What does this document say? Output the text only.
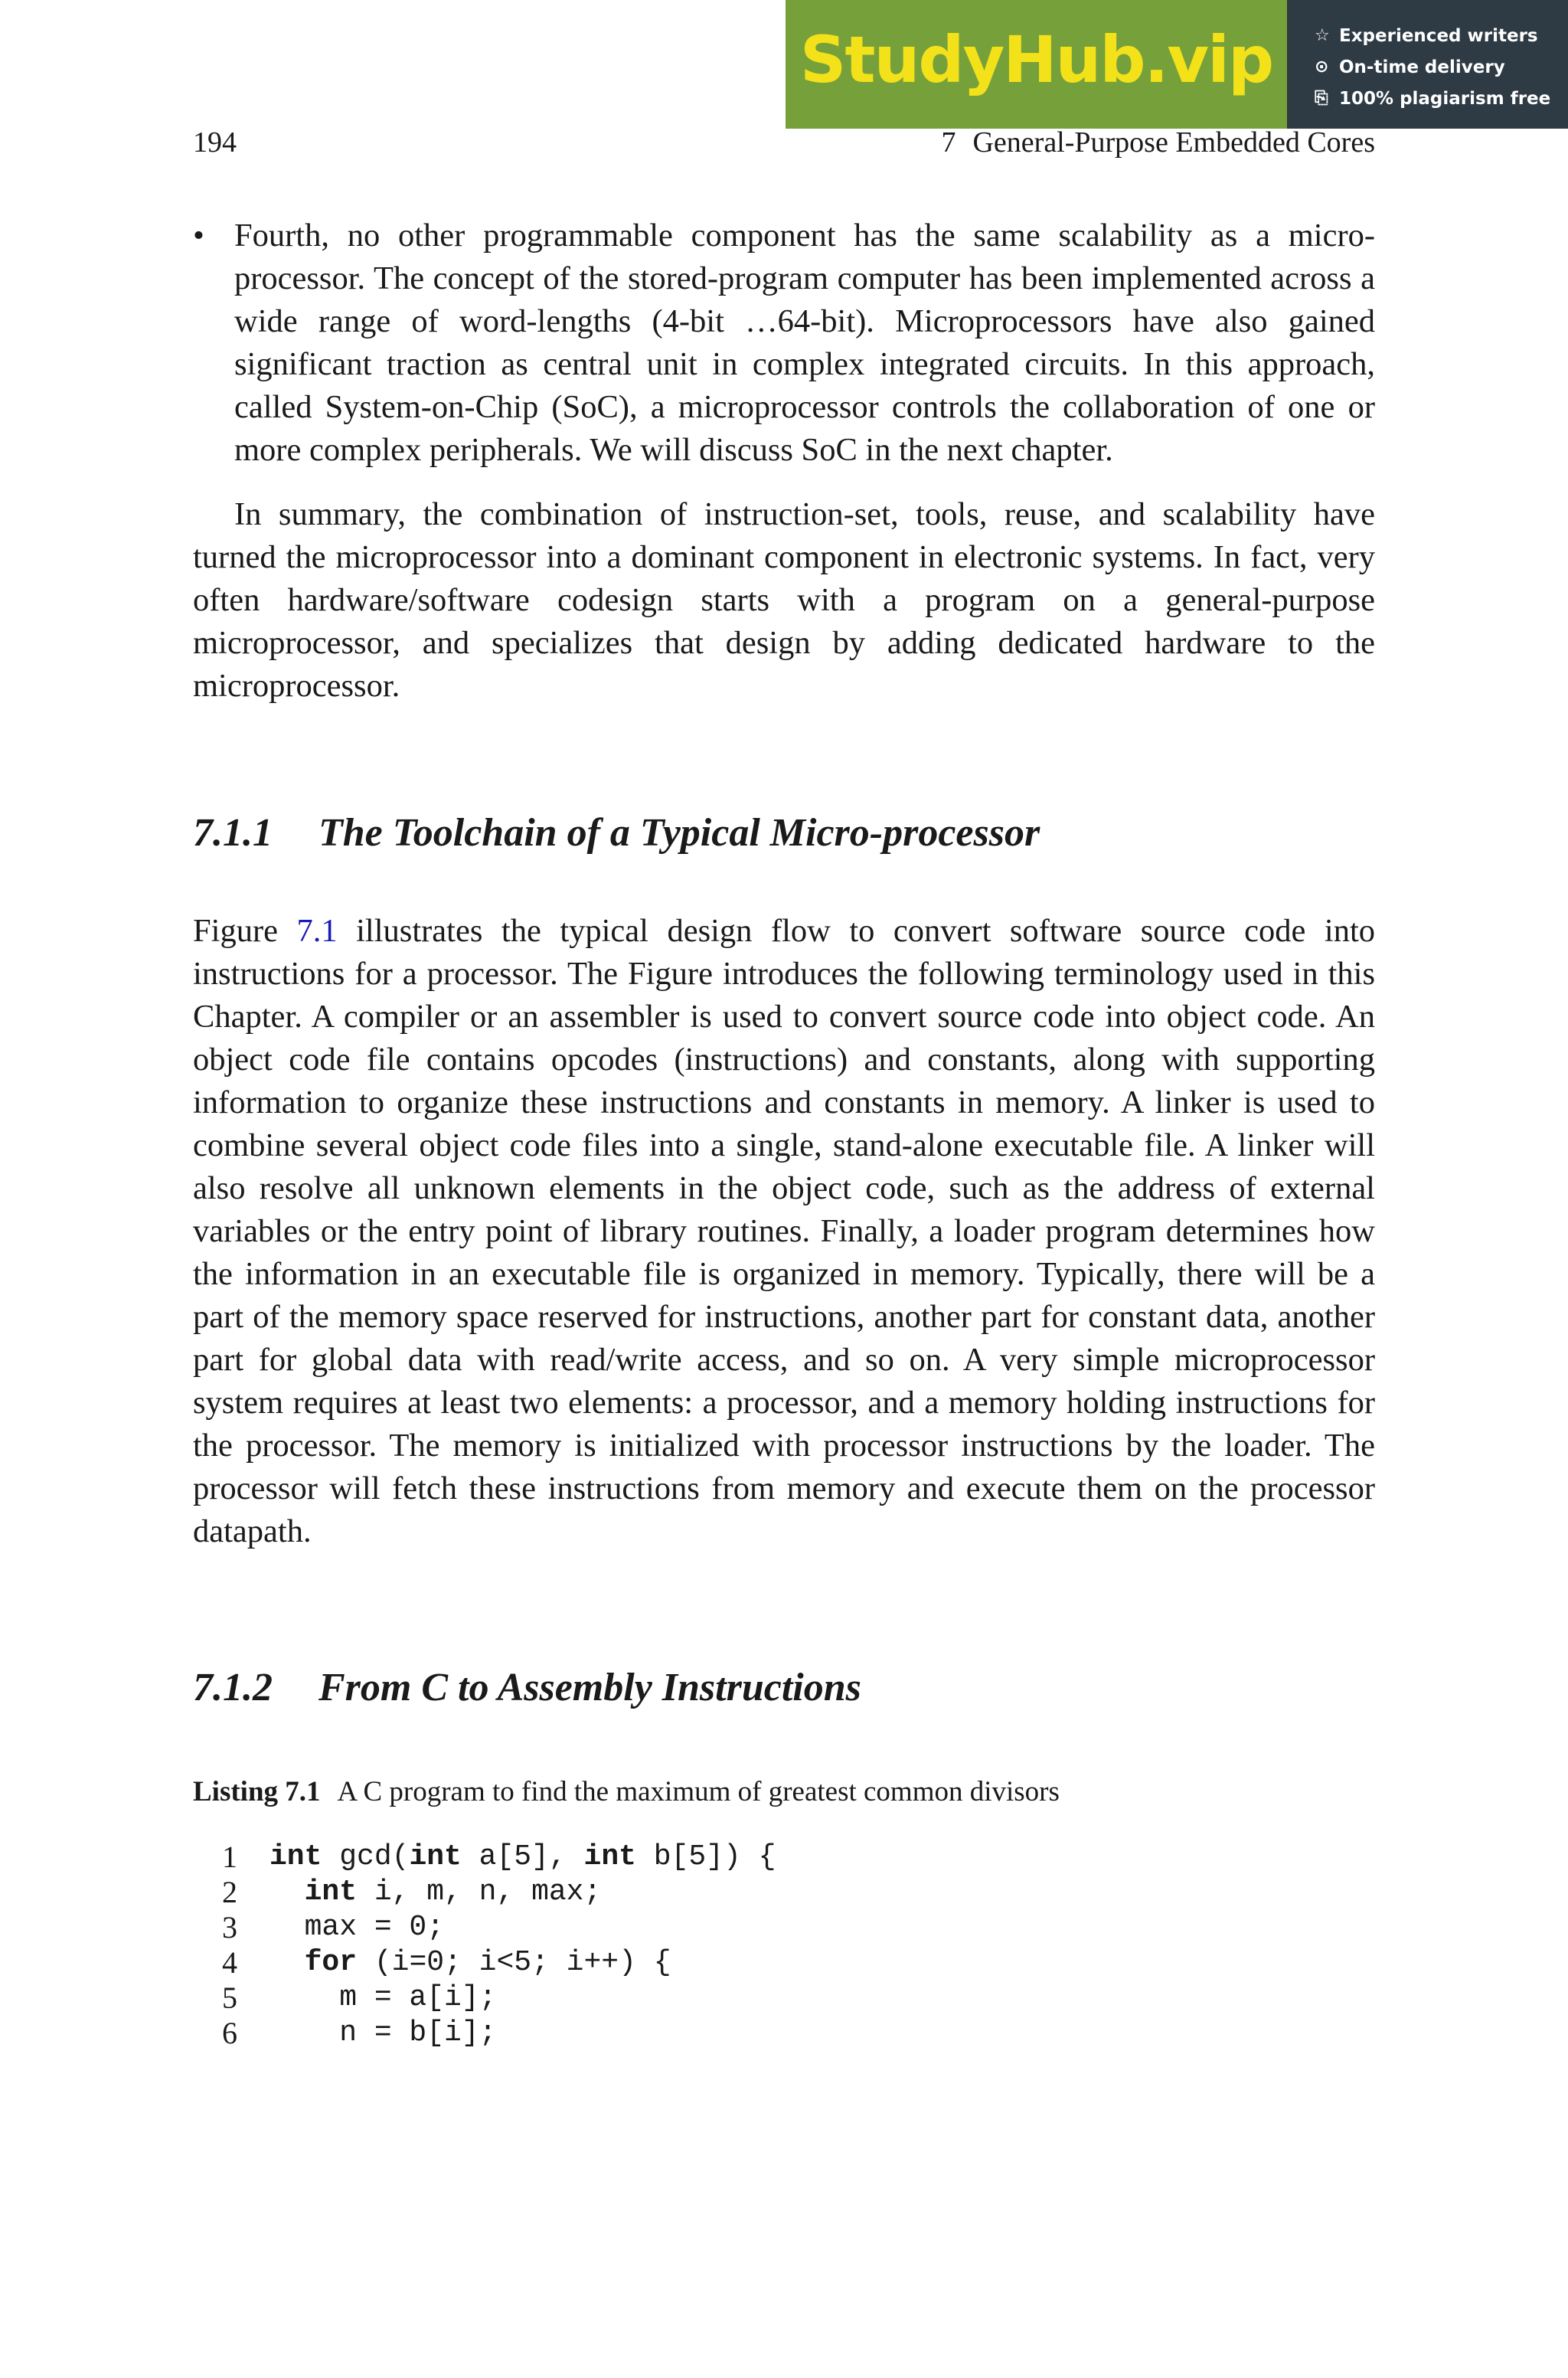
StudyHub.vip ☆ Experienced writers
⊙ On-time delivery
⎘ 100% plagiarism free
194	7 General-Purpose Embedded Cores

• Fourth, no other programmable component has the same scalability as a micro-processor. The concept of the stored-program computer has been implemented across a wide range of word-lengths (4-bit …64-bit). Microprocessors have also gained significant traction as central unit in complex integrated circuits. In this approach, called System-on-Chip (SoC), a microprocessor controls the collaboration of one or more complex peripherals. We will discuss SoC in the next chapter.

In summary, the combination of instruction-set, tools, reuse, and scalability have turned the microprocessor into a dominant component in electronic systems. In fact, very often hardware/software codesign starts with a program on a general-purpose microprocessor, and specializes that design by adding dedicated hardware to the microprocessor.

7.1.1	The Toolchain of a Typical Micro-processor

Figure 7.1 illustrates the typical design flow to convert software source code into instructions for a processor. The Figure introduces the following terminology used in this Chapter. A compiler or an assembler is used to convert source code into object code. An object code file contains opcodes (instructions) and constants, along with supporting information to organize these instructions and constants in memory. A linker is used to combine several object code files into a single, stand-alone executable file. A linker will also resolve all unknown elements in the object code, such as the address of external variables or the entry point of library routines. Finally, a loader program determines how the information in an executable file is organized in memory. Typically, there will be a part of the memory space reserved for instructions, another part for constant data, another part for global data with read/write access, and so on. A very simple microprocessor system requires at least two elements: a processor, and a memory holding instructions for the processor. The memory is initialized with processor instructions by the loader. The processor will fetch these instructions from memory and execute them on the processor datapath.

7.1.2	From C to Assembly Instructions

Listing 7.1 A C program to find the maximum of greatest common divisors

1 int gcd(int a[5], int b[5]) {
2	int i, m, n, max;
3	max = 0;
4	for (i=0; i<5; i++) {
5	m = a[i];
6	n = b[i];
